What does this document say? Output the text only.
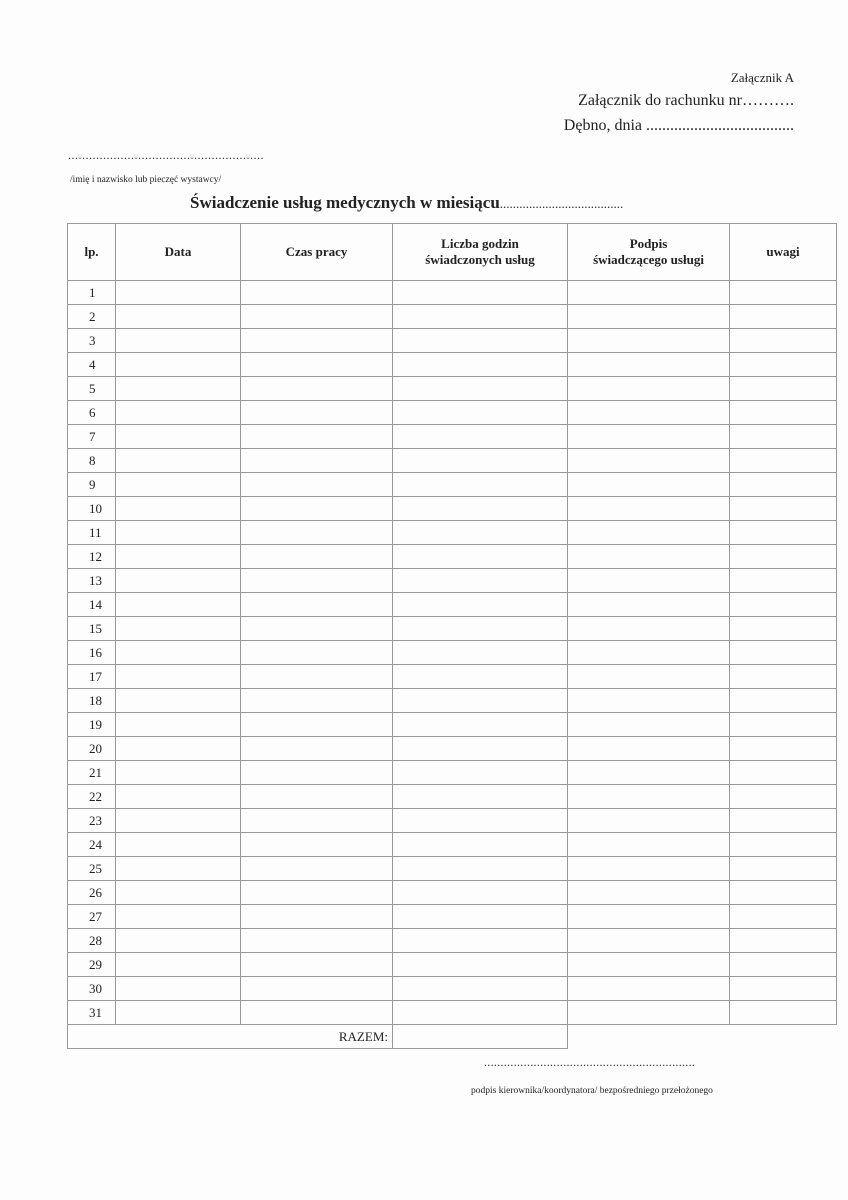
Załącznik A
Załącznik do rachunku nr……….
Dębno, dnia .....................................
........................................................
/imię i nazwisko lub pieczęć wystawcy/
Świadczenie usług medycznych w miesiącu......................................
lp.	Data	Czas pracy	Liczba godzin
świadczonych usług	Podpis
świadczącego usługi	uwagi
1					
2					
3					
4					
5					
6					
7					
8					
9					
10					
11					
12					
13					
14					
15					
16					
17					
18					
19					
20					
21					
22					
23					
24					
25					
26					
27					
28					
29					
30					
31					
RAZEM:					
................................................................
podpis kierownika/koordynatora/ bezpośredniego przełożonego
